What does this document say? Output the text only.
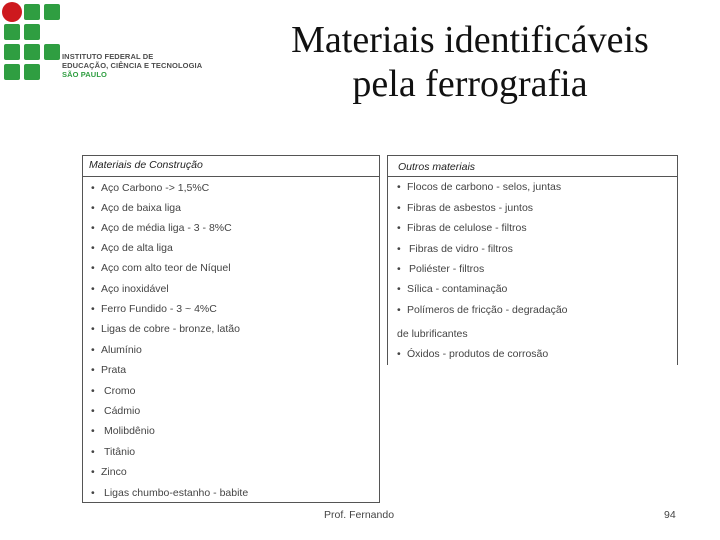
INSTITUTO FEDERAL DE
EDUCAÇÃO, CIÊNCIA E TECNOLOGIA
SÃO PAULO
Materiais identificáveis
pela ferrografia
Materiais de Construção	Outros materiais
• Aço Carbono -> 1,5%C
• Aço de baixa liga
• Aço de média liga - 3 - 8%C
• Aço de alta liga
• Aço com alto teor de Níquel
• Aço inoxidável
• Ferro Fundido - 3 ~ 4%C
• Ligas de cobre - bronze, latão
• Alumínio
• Prata
• Cromo
• Cádmio
• Molibdênio
• Titânio
• Zinco
• Ligas chumbo-estanho - babite
• Flocos de carbono - selos, juntas
• Fibras de asbestos - juntos
• Fibras de celulose - filtros
• Fibras de vidro - filtros
• Poliéster - filtros
• Sílica - contaminação
• Polímeros de fricção - degradação
de lubrificantes
• Óxidos - produtos de corrosão
Prof. Fernando	94
